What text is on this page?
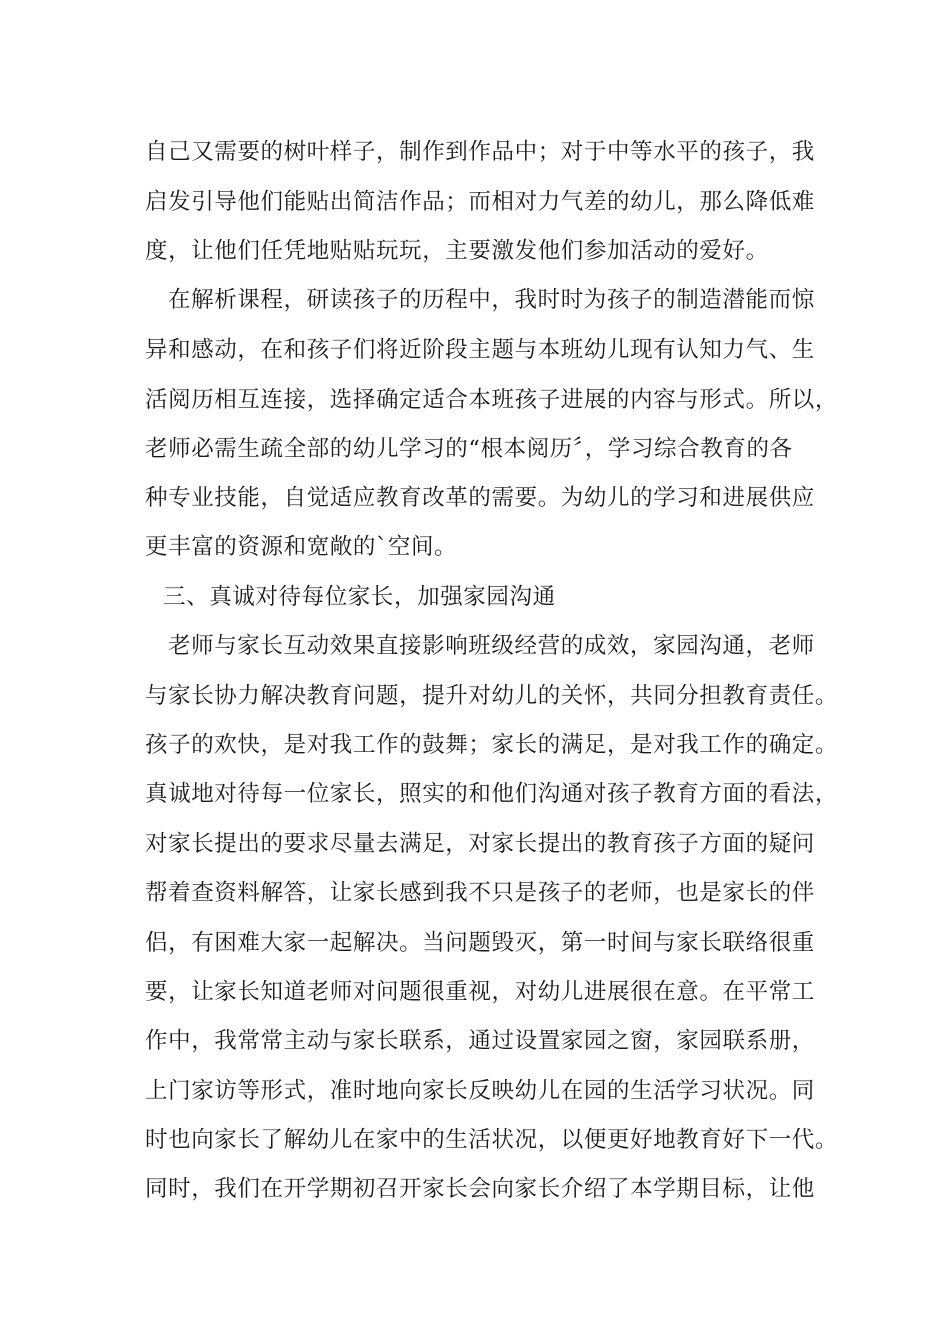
自己又需要的树叶样子，制作到作品中；对于中等水平的孩子，我
启发引导他们能贴出简洁作品；而相对力气差的幼儿，那么降低难
度，让他们任凭地贴贴玩玩，主要激发他们参加活动的爱好。
在解析课程，研读孩子的历程中，我时时为孩子的制造潜能而惊
异和感动，在和孩子们将近阶段主题与本班幼儿现有认知力气、生
活阅历相互连接，选择确定适合本班孩子进展的内容与形式。所以，
老师必需生疏全部的幼儿学习的“根本阅历〞，学习综合教育的各
种专业技能，自觉适应教育改革的需要。为幼儿的学习和进展供应
更丰富的资源和宽敞的`空间。
三、真诚对待每位家长，加强家园沟通
老师与家长互动效果直接影响班级经营的成效，家园沟通，老师
与家长协力解决教育问题，提升对幼儿的关怀，共同分担教育责任。
孩子的欢快，是对我工作的鼓舞；家长的满足，是对我工作的确定。
真诚地对待每一位家长，照实的和他们沟通对孩子教育方面的看法，
对家长提出的要求尽量去满足，对家长提出的教育孩子方面的疑问
帮着查资料解答，让家长感到我不只是孩子的老师，也是家长的伴
侣，有困难大家一起解决。当问题毁灭，第一时间与家长联络很重
要，让家长知道老师对问题很重视，对幼儿进展很在意。在平常工
作中，我常常主动与家长联系，通过设置家园之窗，家园联系册，
上门家访等形式，准时地向家长反映幼儿在园的生活学习状况。同
时也向家长了解幼儿在家中的生活状况，以便更好地教育好下一代。
同时，我们在开学期初召开家长会向家长介绍了本学期目标，让他
